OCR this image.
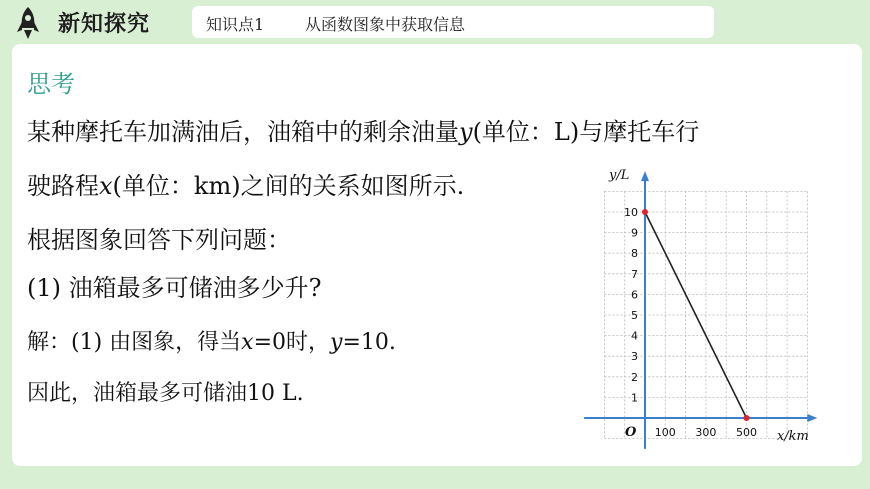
新知探究	知识点1	从函数图象中获取信息
思考
某种摩托车加满油后，油箱中的剩余油量y(单位：L)与摩托车行
驶路程x(单位：km)之间的关系如图所示.
根据图象回答下列问题：
(1) 油箱最多可储油多少升?
解：(1) 由图象，得当x=0时，y=10.
因此，油箱最多可储油10 L.
y/L
x/km
O
1
2
3
4
5
6
7
8
9
10
100 300 500
